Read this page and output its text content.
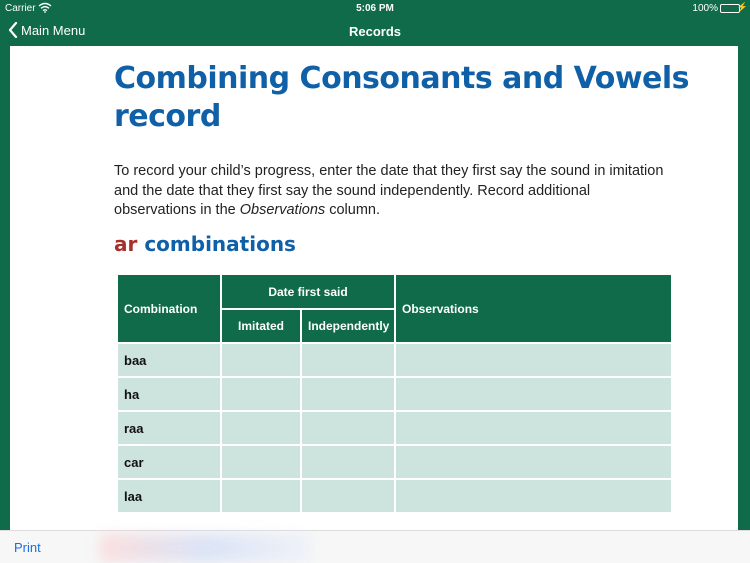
Carrier	5:06 PM	100% ⚡
Main Menu	Records
Combining Consonants and Vowels record

To record your child’s progress, enter the date that they first say the sound in imitation and the date that they first say the sound independently. Record additional observations in the Observations column.

ar combinations
Combination	Date first said		Observations
	Imitated	Independently	
baa			
ha			
raa			
car			
laa			
Print
